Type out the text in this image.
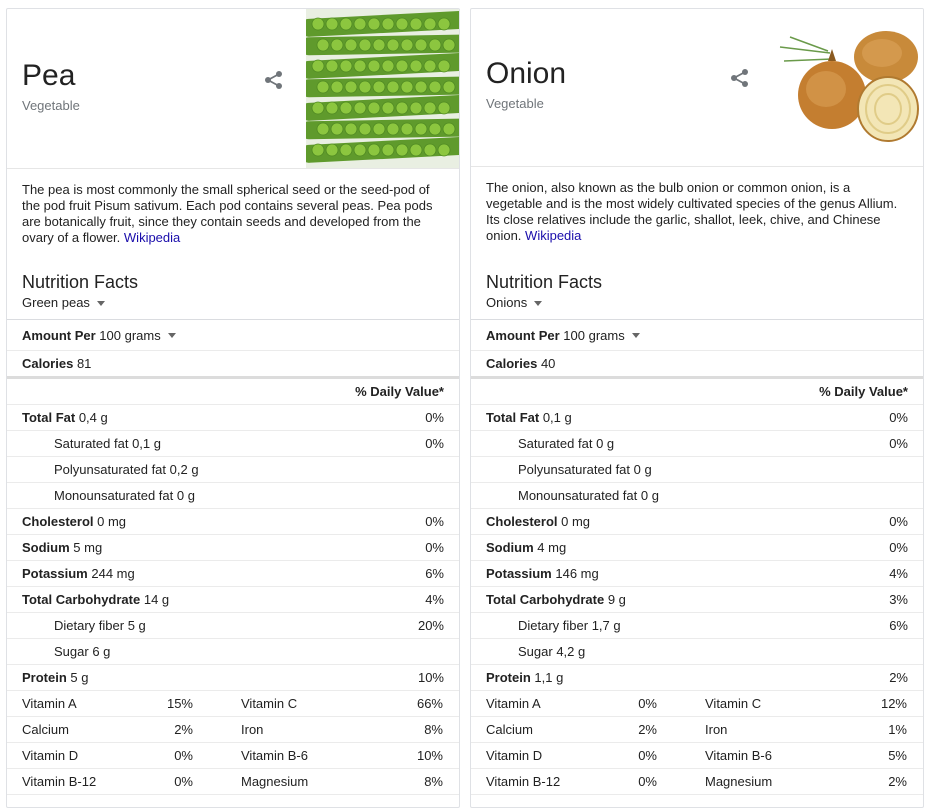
Pea
Vegetable
The pea is most commonly the small spherical seed or the seed-pod of the pod fruit Pisum sativum. Each pod contains several peas. Pea pods are botanically fruit, since they contain seeds and developed from the ovary of a flower. Wikipedia
Nutrition Facts
Green peas
Amount Per 100 grams
Calories 81
% Daily Value*
Total Fat 0,4 g	0%
Saturated fat 0,1 g	0%
Polyunsaturated fat 0,2 g
Monounsaturated fat 0 g
Cholesterol 0 mg	0%
Sodium 5 mg	0%
Potassium 244 mg	6%
Total Carbohydrate 14 g	4%
Dietary fiber 5 g	20%
Sugar 6 g
Protein 5 g	10%
Vitamin A	15%	Vitamin C	66%
Calcium	2%	Iron	8%
Vitamin D	0%	Vitamin B-6	10%
Vitamin B-12	0%	Magnesium	8%
Onion
Vegetable
The onion, also known as the bulb onion or common onion, is a vegetable and is the most widely cultivated species of the genus Allium. Its close relatives include the garlic, shallot, leek, chive, and Chinese onion. Wikipedia
Nutrition Facts
Onions
Amount Per 100 grams
Calories 40
% Daily Value*
Total Fat 0,1 g	0%
Saturated fat 0 g	0%
Polyunsaturated fat 0 g
Monounsaturated fat 0 g
Cholesterol 0 mg	0%
Sodium 4 mg	0%
Potassium 146 mg	4%
Total Carbohydrate 9 g	3%
Dietary fiber 1,7 g	6%
Sugar 4,2 g
Protein 1,1 g	2%
Vitamin A	0%	Vitamin C	12%
Calcium	2%	Iron	1%
Vitamin D	0%	Vitamin B-6	5%
Vitamin B-12	0%	Magnesium	2%
